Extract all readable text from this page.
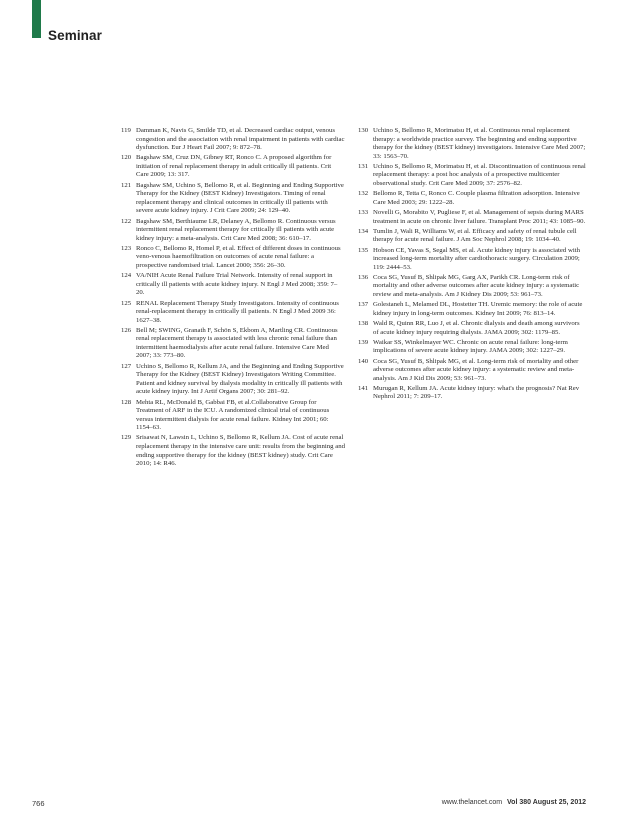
Seminar
119 Damman K, Navis G, Smilde TD, et al. Decreased cardiac output, venous congestion and the association with renal impairment in patients with cardiac dysfunction. Eur J Heart Fail 2007; 9: 872–78.
120 Bagshaw SM, Cruz DN, Gibney RT, Ronco C. A proposed algorithm for initiation of renal replacement therapy in adult critically ill patients. Crit Care 2009; 13: 317.
121 Bagshaw SM, Uchino S, Bellomo R, et al. Beginning and Ending Supportive Therapy for the Kidney (BEST Kidney) Investigators. Timing of renal replacement therapy and clinical outcomes in critically ill patients with severe acute kidney injury. J Crit Care 2009; 24: 129–40.
122 Bagshaw SM, Berthiaume LR, Delaney A, Bellomo R. Continuous versus intermittent renal replacement therapy for critically ill patients with acute kidney injury: a meta-analysis. Crit Care Med 2008; 36: 610–17.
123 Ronco C, Bellomo R, Homel P, et al. Effect of different doses in continuous veno-venous haemofiltration on outcomes of acute renal failure: a prospective randomised trial. Lancet 2000; 356: 26–30.
124 VA/NIH Acute Renal Failure Trial Network. Intensity of renal support in critically ill patients with acute kidney injury. N Engl J Med 2008; 359: 7–20.
125 RENAL Replacement Therapy Study Investigators. Intensity of continuous renal-replacement therapy in critically ill patients. N Engl J Med 2009 36: 1627–38.
126 Bell M; SWING, Granath F, Schön S, Ekbom A, Martling CR. Continuous renal replacement therapy is associated with less chronic renal failure than intermittent haemodialysis after acute renal failure. Intensive Care Med 2007; 33: 773–80.
127 Uchino S, Bellomo R, Kellum JA, and the Beginning and Ending Supportive Therapy for the Kidney (BEST Kidney) Investigators Writing Committee. Patient and kidney survival by dialysis modality in critically ill patients with acute kidney injury. Int J Artif Organs 2007; 30: 281–92.
128 Mehta RL, McDonald B, Gabbai FB, et al.Collaborative Group for Treatment of ARF in the ICU. A randomized clinical trial of continuous versus intermittent dialysis for acute renal failure. Kidney Int 2001; 60: 1154–63.
129 Srisawat N, Lawsin L, Uchino S, Bellomo R, Kellum JA. Cost of acute renal replacement therapy in the intensive care unit: results from the beginning and ending supportive therapy for the kidney (BEST kidney) study. Crit Care 2010; 14: R46.
130 Uchino S, Bellomo R, Morimatsu H, et al. Continuous renal replacement therapy: a worldwide practice survey. The beginning and ending supportive therapy for the kidney (BEST kidney) investigators. Intensive Care Med 2007; 33: 1563–70.
131 Uchino S, Bellomo R, Morimatsu H, et al. Discontinuation of continuous renal replacement therapy: a post hoc analysis of a prospective multicenter observational study. Crit Care Med 2009; 37: 2576–82.
132 Bellomo R, Tetta C, Ronco C. Couple plasma filtration adsorption. Intensive Care Med 2003; 29: 1222–28.
133 Novelli G, Morabito V, Pugliese F, et al. Management of sepsis during MARS treatment in acute on chronic liver failure. Transplant Proc 2011; 43: 1085–90.
134 Tumlin J, Wali R, Williams W, et al. Efficacy and safety of renal tubule cell therapy for acute renal failure. J Am Soc Nephrol 2008; 19: 1034–40.
135 Hobson CE, Yavas S, Segal MS, et al. Acute kidney injury is associated with increased long-term mortality after cardiothoracic surgery. Circulation 2009; 119: 2444–53.
136 Coca SG, Yusuf B, Shlipak MG, Garg AX, Parikh CR. Long-term risk of mortality and other adverse outcomes after acute kidney injury: a systematic review and meta-analysis. Am J Kidney Dis 2009; 53: 961–73.
137 Golestaneh L, Melamed DL, Hostetter TH. Uremic memory: the role of acute kidney injury in long-term outcomes. Kidney Int 2009; 76: 813–14.
138 Wald R, Quinn RR, Luo J, et al. Chronic dialysis and death among survivors of acute kidney injury requiring dialysis. JAMA 2009; 302: 1179–85.
139 Waikar SS, Winkelmayer WC. Chronic on acute renal failure: long-term implications of severe acute kidney injury. JAMA 2009; 302: 1227–29.
140 Coca SG, Yusuf B, Shlipak MG, et al. Long-term risk of mortality and other adverse outcomes after acute kidney injury: a systematic review and meta-analysis. Am J Kid Dis 2009; 53: 961–73.
141 Murugan R, Kellum JA. Acute kidney injury: what's the prognosis? Nat Rev Nephrol 2011; 7: 209–17.
766	www.thelancet.com Vol 380 August 25, 2012
